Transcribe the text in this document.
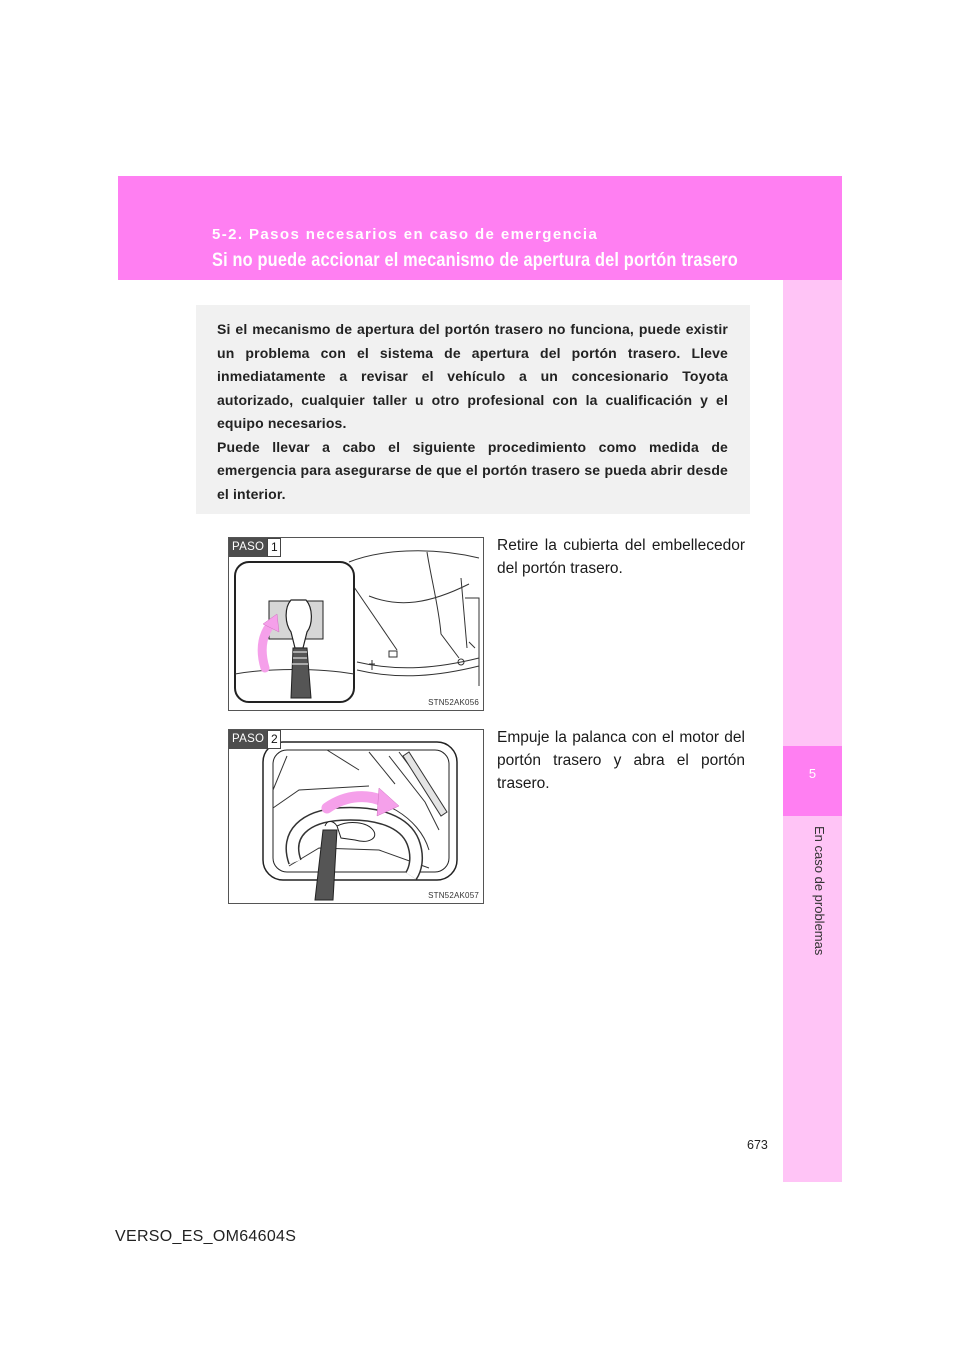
5-2. Pasos necesarios en caso de emergencia
Si no puede accionar el mecanismo de apertura del portón trasero
5
En caso de problemas

Si el mecanismo de apertura del portón trasero no funciona, puede existir un problema con el sistema de apertura del portón trasero. Lleve inmediatamente a revisar el vehículo a un concesionario Toyota autorizado, cualquier taller u otro profesional con la cualificación y el equipo necesarios.

Puede llevar a cabo el siguiente procedimiento como medida de emergencia para asegurarse de que el portón trasero se pueda abrir desde el interior.

PASO 1
STN52AK056
Retire la cubierta del embellecedor del portón trasero.
PASO 2
STN52AK057
Empuje la palanca con el motor del portón trasero y abra el portón trasero.
673
VERSO_ES_OM64604S
